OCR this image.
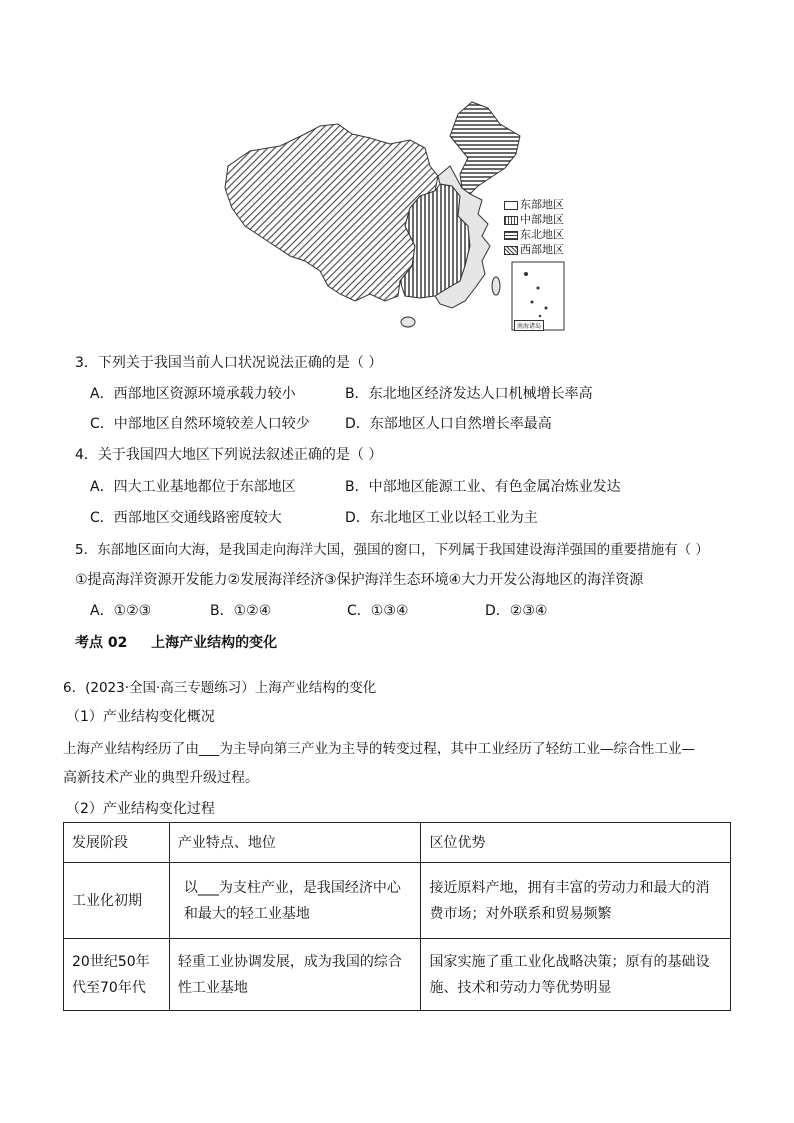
南海诸岛
东部地区
中部地区
东北地区
西部地区
3．下列关于我国当前人口状况说法正确的是（ ）
A．西部地区资源环境承载力较小	B．东北地区经济发达人口机械增长率高
C．中部地区自然环境较差人口较少	D．东部地区人口自然增长率最高
4．关于我国四大地区下列说法叙述正确的是（ ）
A．四大工业基地都位于东部地区	B．中部地区能源工业、有色金属冶炼业发达
C．西部地区交通线路密度较大	D．东北地区工业以轻工业为主
5．东部地区面向大海，是我国走向海洋大国，强国的窗口，下列属于我国建设海洋强国的重要措施有（ ）
①提高海洋资源开发能力②发展海洋经济③保护海洋生态环境④大力开发公海地区的海洋资源
A．①②③	B．①②④	C．①③④	D．②③④
考点 02 上海产业结构的变化
6．(2023·全国·高三专题练习）上海产业结构的变化
（1）产业结构变化概况
上海产业结构经历了由___为主导向第三产业为主导的转变过程，其中工业经历了轻纺工业—综合性工业—
高新技术产业的典型升级过程。
（2）产业结构变化过程
发展阶段	产业特点、地位	区位优势
工业化初期	以___为支柱产业，是我国经济中心和最大的轻工业基地	接近原料产地，拥有丰富的劳动力和最大的消费市场；对外联系和贸易频繁
20世纪50年代至70年代	轻重工业协调发展，成为我国的综合性工业基地	国家实施了重工业化战略决策；原有的基础设施、技术和劳动力等优势明显
